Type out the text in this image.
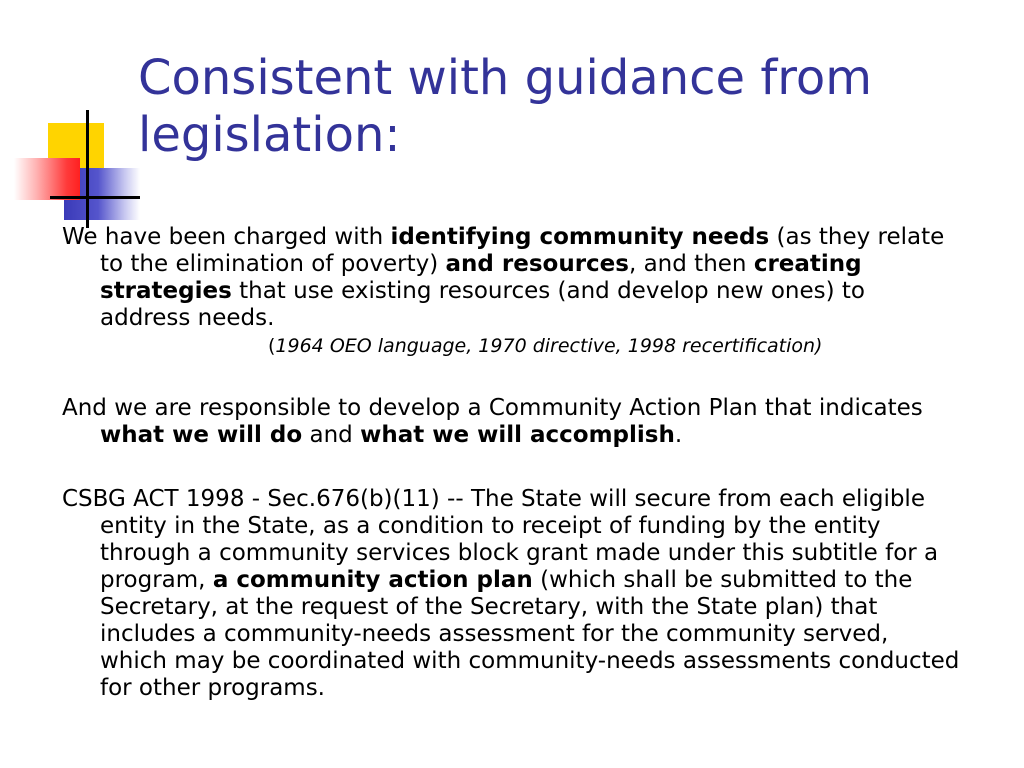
Consistent with guidance from
legislation:

We have been charged with identifying community needs (as they relate to the elimination of poverty) and resources, and then creating strategies that use existing resources (and develop new ones) to address needs.

(1964 OEO language, 1970 directive, 1998 recertification)

And we are responsible to develop a Community Action Plan that indicates what we will do and what we will accomplish.

CSBG ACT 1998 - Sec.676(b)(11) -- The State will secure from each eligible entity in the State, as a condition to receipt of funding by the entity through a community services block grant made under this subtitle for a program, a community action plan (which shall be submitted to the Secretary, at the request of the Secretary, with the State plan) that includes a community-needs assessment for the community served, which may be coordinated with community-needs assessments conducted for other programs.
